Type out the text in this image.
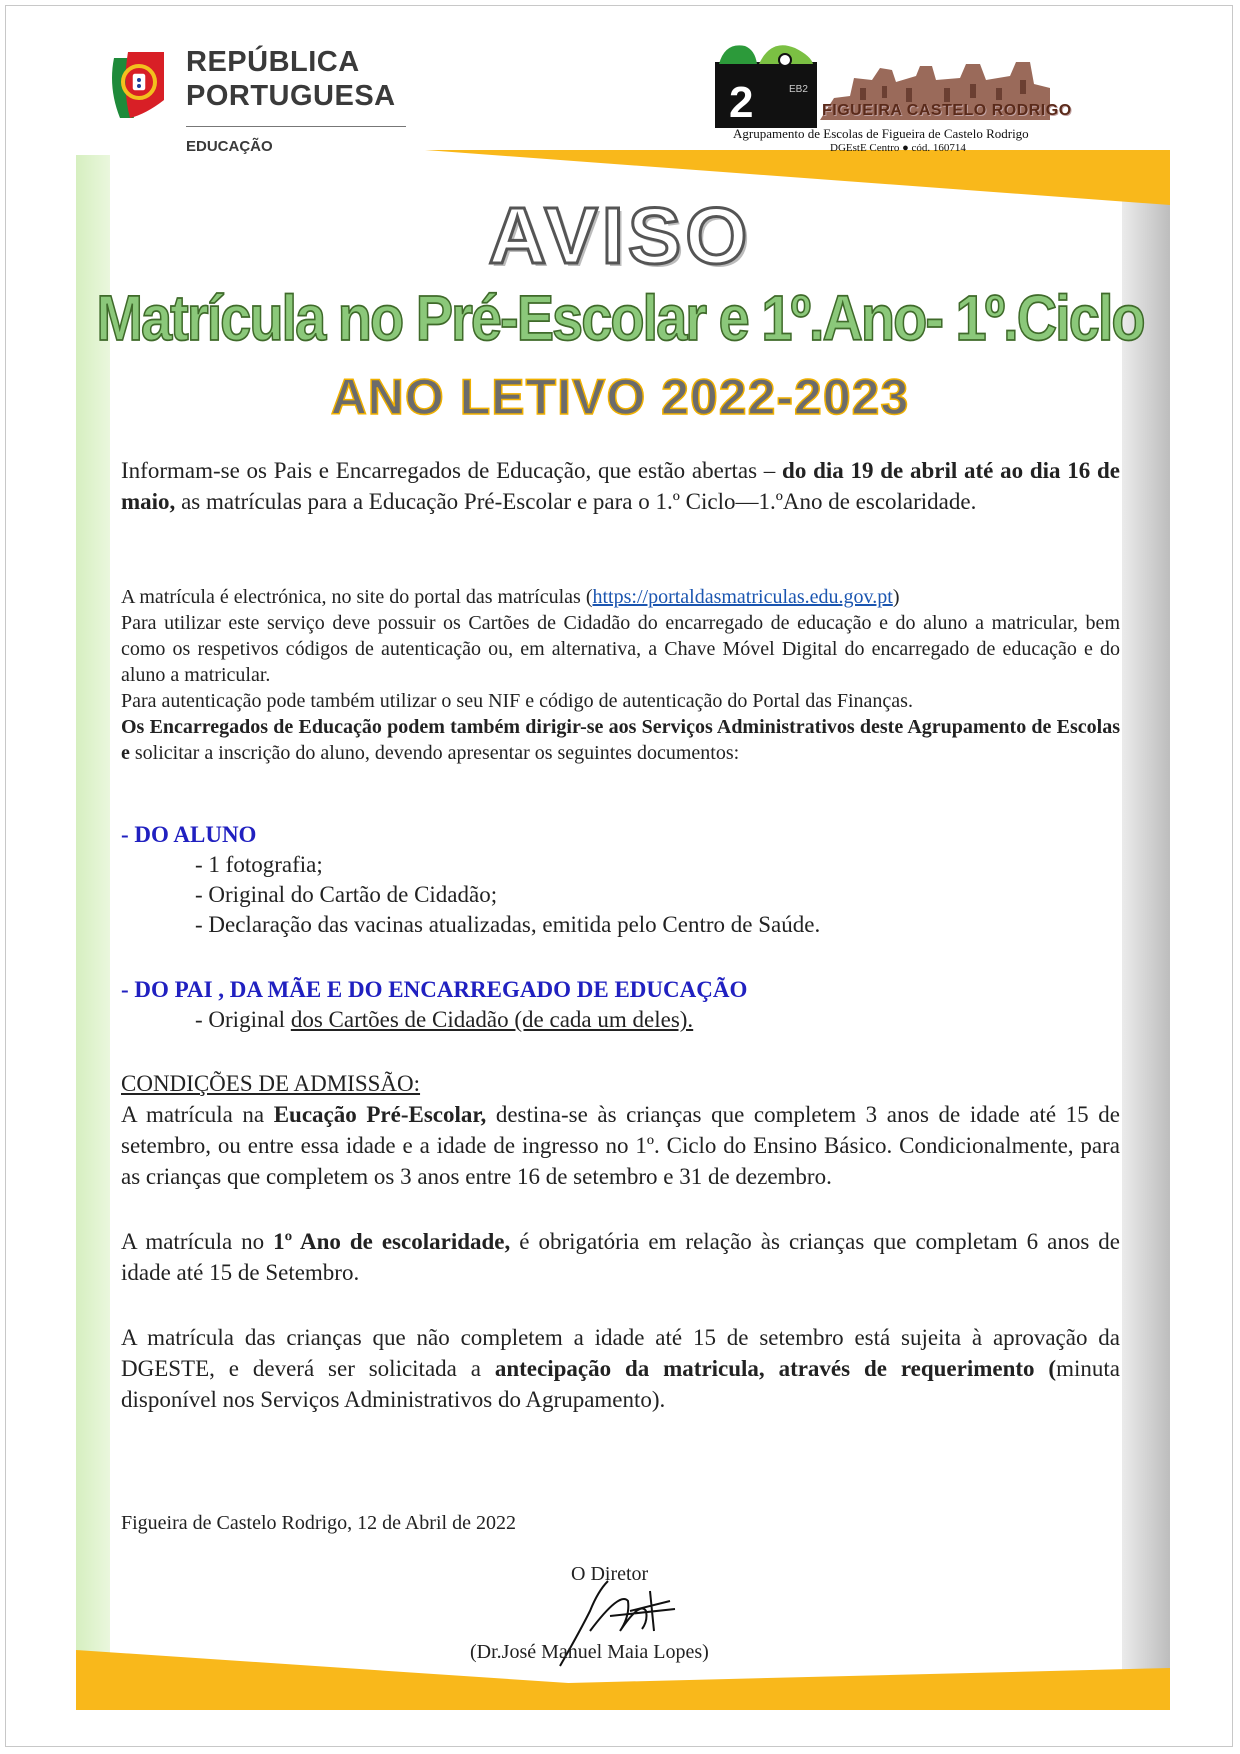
REPÚBLICA
PORTUGUESA
EDUCAÇÃO
2	EB2
FIGUEIRA CASTELO RODRIGO
Agrupamento de Escolas de Figueira de Castelo Rodrigo
DGEstE Centro ● cód. 160714
AVISO
Matrícula no Pré-Escolar e 1º.Ano- 1º.Ciclo
ANO LETIVO 2022-2023
Informam-se os Pais e Encarregados de Educação, que estão abertas – do dia 19 de abril até ao dia 16 de maio, as matrículas para a Educação Pré-Escolar e para o 1.º Ciclo—1.ºAno de escolaridade.

A matrícula é electrónica, no site do portal das matrículas (https://portaldasmatriculas.edu.gov.pt)

Para utilizar este serviço deve possuir os Cartões de Cidadão do encarregado de educação e do aluno a matricular, bem como os respetivos códigos de autenticação ou, em alternativa, a Chave Móvel Digital do encarregado de educação e do aluno a matricular.

Para autenticação pode também utilizar o seu NIF e código de autenticação do Portal das Finanças.

Os Encarregados de Educação podem também dirigir-se aos Serviços Administrativos deste Agrupamento de Escolas e solicitar a inscrição do aluno, devendo apresentar os seguintes documentos:

- DO ALUNO
- 1 fotografia;
- Original do Cartão de Cidadão;
- Declaração das vacinas atualizadas, emitida pelo Centro de Saúde.
- DO PAI , DA MÃE E DO ENCARREGADO DE EDUCAÇÃO
- Original dos Cartões de Cidadão (de cada um deles).

CONDIÇÕES DE ADMISSÃO:

A matrícula na Eucação Pré-Escolar, destina-se às crianças que completem 3 anos de idade até 15 de setembro, ou entre essa idade e a idade de ingresso no 1º. Ciclo do Ensino Básico. Condicionalmente, para as crianças que completem os 3 anos entre 16 de setembro e 31 de dezembro.

A matrícula no 1º Ano de escolaridade, é obrigatória em relação às crianças que completam 6 anos de idade até 15 de Setembro.

A matrícula das crianças que não completem a idade até 15 de setembro está sujeita à aprovação da DGESTE, e deverá ser solicitada a antecipação da matricula, através de requerimento (minuta disponível nos Serviços Administrativos do Agrupamento).

Figueira de Castelo Rodrigo, 12 de Abril de 2022
O Diretor
(Dr.José Manuel Maia Lopes)
